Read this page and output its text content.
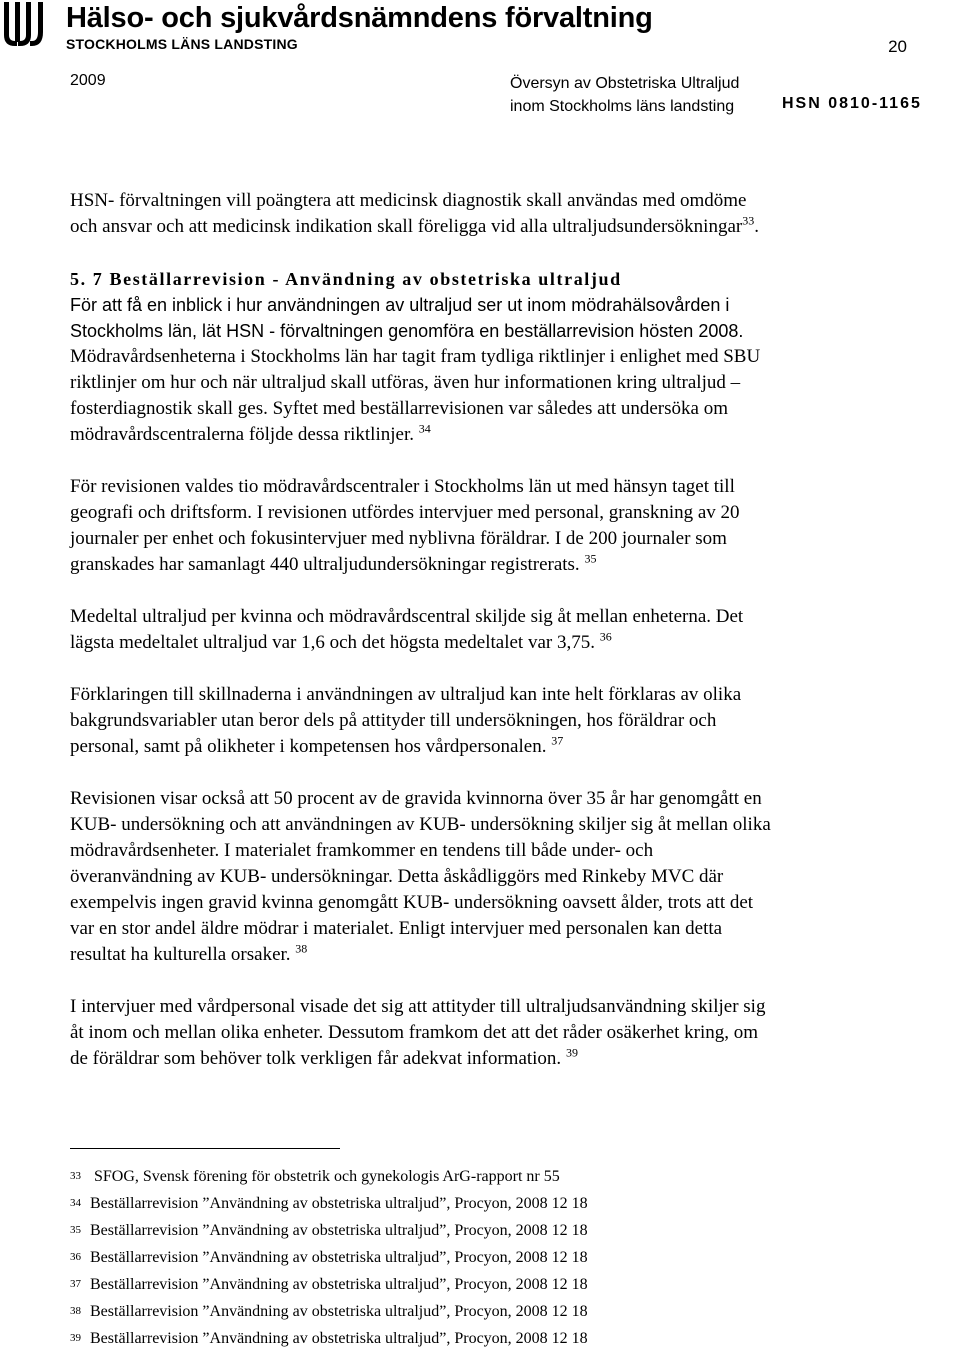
Hälso- och sjukvårdsnämndens förvaltning
STOCKHOLMS LÄNS LANDSTING	20
2009	Översyn av Obstetriska Ultraljud
inom Stockholms läns landsting	HSN 0810-1165
HSN- förvaltningen vill poängtera att medicinsk diagnostik skall användas med omdöme
och ansvar och att medicinsk indikation skall föreligga vid alla ultraljudsundersökningar$^{33}$.
5. 7 Beställarrevision - Användning av obstetriska ultraljud
För att få en inblick i hur användningen av ultraljud ser ut inom mödrahälsovården i
Stockholms län, lät HSN - förvaltningen genomföra en beställarrevision hösten 2008.
Mödravårdsenheterna i Stockholms län har tagit fram tydliga riktlinjer i enlighet med SBU
riktlinjer om hur och när ultraljud skall utföras, även hur informationen kring ultraljud –
fosterdiagnostik skall ges. Syftet med beställarrevisionen var således att undersöka om
mödravårdscentralerna följde dessa riktlinjer. $^{34}$
För revisionen valdes tio mödravårdscentraler i Stockholms län ut med hänsyn taget till
geografi och driftsform. I revisionen utfördes intervjuer med personal, granskning av 20
journaler per enhet och fokusintervjuer med nyblivna föräldrar. I de 200 journaler som
granskades har samanlagt 440 ultraljudundersökningar registrerats. $^{35}$
Medeltal ultraljud per kvinna och mödravårdscentral skiljde sig åt mellan enheterna. Det
lägsta medeltalet ultraljud var 1,6 och det högsta medeltalet var 3,75. $^{36}$
Förklaringen till skillnaderna i användningen av ultraljud kan inte helt förklaras av olika
bakgrundsvariabler utan beror dels på attityder till undersökningen, hos föräldrar och
personal, samt på olikheter i kompetensen hos vårdpersonalen. $^{37}$
Revisionen visar också att 50 procent av de gravida kvinnorna över 35 år har genomgått en
KUB- undersökning och att användningen av KUB- undersökning skiljer sig åt mellan olika
mödravårdsenheter. I materialet framkommer en tendens till både under- och
överanvändning av KUB- undersökningar. Detta åskådliggörs med Rinkeby MVC där
exempelvis ingen gravid kvinna genomgått KUB- undersökning oavsett ålder, trots att det
var en stor andel äldre mödrar i materialet. Enligt intervjuer med personalen kan detta
resultat ha kulturella orsaker. $^{38}$
I intervjuer med vårdpersonal visade det sig att attityder till ultraljudsanvändning skiljer sig
åt inom och mellan olika enheter. Dessutom framkom det att det råder osäkerhet kring, om
de föräldrar som behöver tolk verkligen får adekvat information. $^{39}$
33 SFOG, Svensk förening för obstetrik och gynekologis ArG-rapport nr 55
34 Beställarrevision ”Användning av obstetriska ultraljud”, Procyon, 2008 12 18
35 Beställarrevision ”Användning av obstetriska ultraljud”, Procyon, 2008 12 18
36 Beställarrevision ”Användning av obstetriska ultraljud”, Procyon, 2008 12 18
37 Beställarrevision ”Användning av obstetriska ultraljud”, Procyon, 2008 12 18
38 Beställarrevision ”Användning av obstetriska ultraljud”, Procyon, 2008 12 18
39 Beställarrevision ”Användning av obstetriska ultraljud”, Procyon, 2008 12 18
